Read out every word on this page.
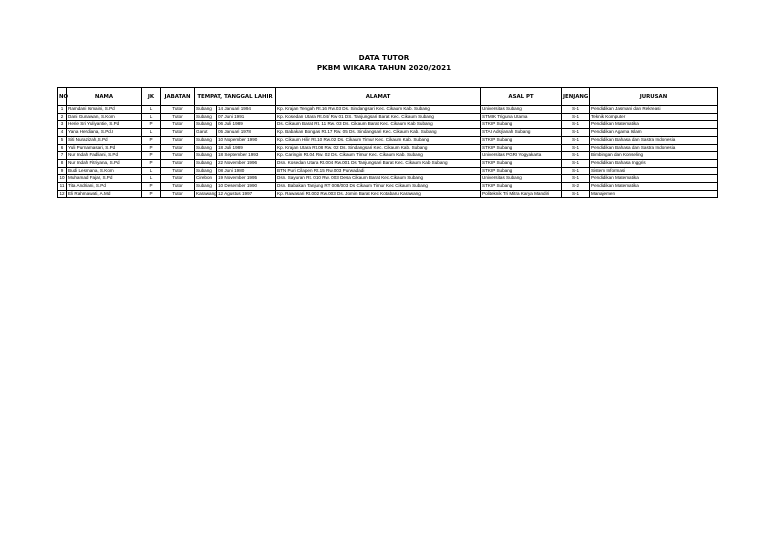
DATA TUTOR
PKBM WIKARA TAHUN 2020/2021
NO	NAMA	JK	JABATAN	TEMPAT, TANGGAL LAHIR		ALAMAT	ASAL PT	JENJANG	JURUSAN
1	Ramdani Ismaini, S.Pd	L	Tutor	Subang	14 Januari 1994	Kp. Krajan Tengah Rt.16 Rw.03 Ds. Sindangsari Kec. Cikaum Kab. Subang	Universitas Subang	S-1	Pendidikan Jasmani dan Rekreasi
2	Dani Gunawan, S.Kom	L	Tutor	Subang	07 Juni 1991	Kp. Kosedan Utara Rt.04/ Rw 01 DS. Tanjungsari Barat Kec. Cikaum Subang	STMIK Triguna Utama	S-1	Teknik Komputer
3	Herie Sri Yuliyantie, S.Pd	P	Tutor	Subang	06 Juli 1989	Ds. Cikaum Barat Rt. 11 Rw. 03 Ds. Cikaum Barat Kec. Cikaum Kab Subang	STKIP Subang	S-1	Pendidikan Matematika
4	Yana Herdiana, S.Pd.I	L	Tutor	Garut	05 Januari 1978	Kp. Babakan Bongas Rt.17 Rw. 05 Ds. Sindangsari Kec. Cikaum Kab. Subang	STAI Adsýanah Subang	S-1	Pendidikan Agama Islam
5	Siti Nurazizah,S.Pd	P	Tutor	Subang	10 Nopember 1990	Kp. Cikaum Hilir Rt.10 Rw.02 Ds. Cikaum Timur Kec. Cikaum Kab. Subang	STKIP Subang	S-1	Pendidikan Bahasa dan Sastra Indonesia
6	Yuli Purnamasari, S.Pd	P	Tutor	Subang	18 Juli 1989	Kp. Krajan Utara Rt.08 Rw. 02 Ds. Sindangsari Kec. Cikaum Kab. Subang	STKIP Subang	S-1	Pendidikan Bahasa dan Sastra Indonesia
7	Nur Indah Fadliani, S.Pd	P	Tutor	Subang	18 September 1993	Kp. Caringin Rt.04 Rw. 02 Ds. Cikaum Timur Kec. Cikaum Kab. Subang	Universitas PGRI Yogyakarta	S-1	Bimbingan dan Konseling
8	Nur Indah Fitriyana, S.Pd	P	Tutor	Subang	22 November 1996	Dsn. Kosedan Utara Rt.004 Rw.001 Ds Tanjungsari Barat Kec. Cikaum Kab Subang	STKIP Subang	S-1	Pendidikan Bahasa Inggris
9	Budi Lesmana, S.Kom	L	Tutor	Subang	08 Juni 1980	BTN Puri Cilapen Rt.15 Rw.003 Purwadadi	STKIP Subang	S-1	Sistem Informasi
10	Muhamad Fajar, S.Pd	L	Tutor	Cirebon	19 November 1995	Dsn. Sayuran Rt. 010 Rw. 003 Desa Cikaum Barat Kec.Cikaum Subang	Universitas Subang	S-1	Pendidikan Matematika
11	Tita Andriani, S.Pd	P	Tutor	Subang	10 Desember 1990	Dsn. Babakan Tanjung RT 008/003 Ds Cikaum Timur Kec Cikaum Subang	STKIP Subang	S-2	Pendidikan Matematika
12	Eli Rahmawati, A.Md	P	Tutor	Karawang	12 Agustus 1997	Kp. Rawasari Rt.002 Rw.003 Ds. Jomin Barat Kec Kotabaru Karawang	Politeknik Tri Mitra Karya Mandiri	S-1	Manajemen
